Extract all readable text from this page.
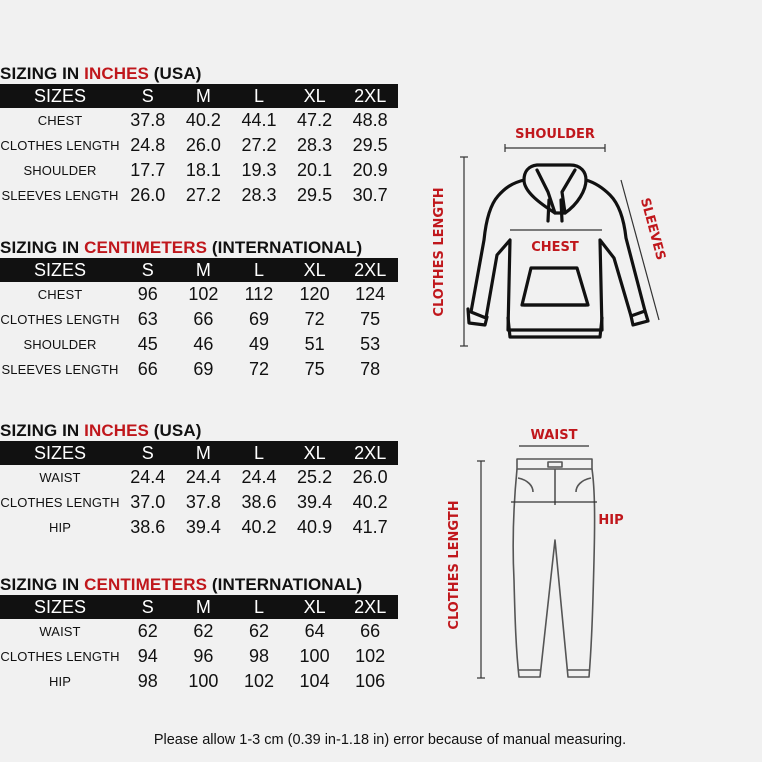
SIZING IN INCHES (USA)
SIZES	S	M	L	XL	2XL
CHEST	37.8	40.2	44.1	47.2	48.8
CLOTHES LENGTH	24.8	26.0	27.2	28.3	29.5
SHOULDER	17.7	18.1	19.3	20.1	20.9
SLEEVES LENGTH	26.0	27.2	28.3	29.5	30.7
SIZING IN CENTIMETERS (INTERNATIONAL)
SIZES	S	M	L	XL	2XL
CHEST	96	102	112	120	124
CLOTHES LENGTH	63	66	69	72	75
SHOULDER	45	46	49	51	53
SLEEVES LENGTH	66	69	72	75	78
SIZING IN INCHES (USA)
SIZES	S	M	L	XL	2XL
WAIST	24.4	24.4	24.4	25.2	26.0
CLOTHES LENGTH	37.0	37.8	38.6	39.4	40.2
HIP	38.6	39.4	40.2	40.9	41.7
SIZING IN CENTIMETERS (INTERNATIONAL)
SIZES	S	M	L	XL	2XL
WAIST	62	62	62	64	66
CLOTHES LENGTH	94	96	98	100	102
HIP	98	100	102	104	106
SHOULDER
CHEST	SLEEVES
CLOTHES LENGTH
WAIST
HIP
CLOTHES LENGTH
Please allow 1-3 cm (0.39 in-1.18 in) error because of manual measuring.
